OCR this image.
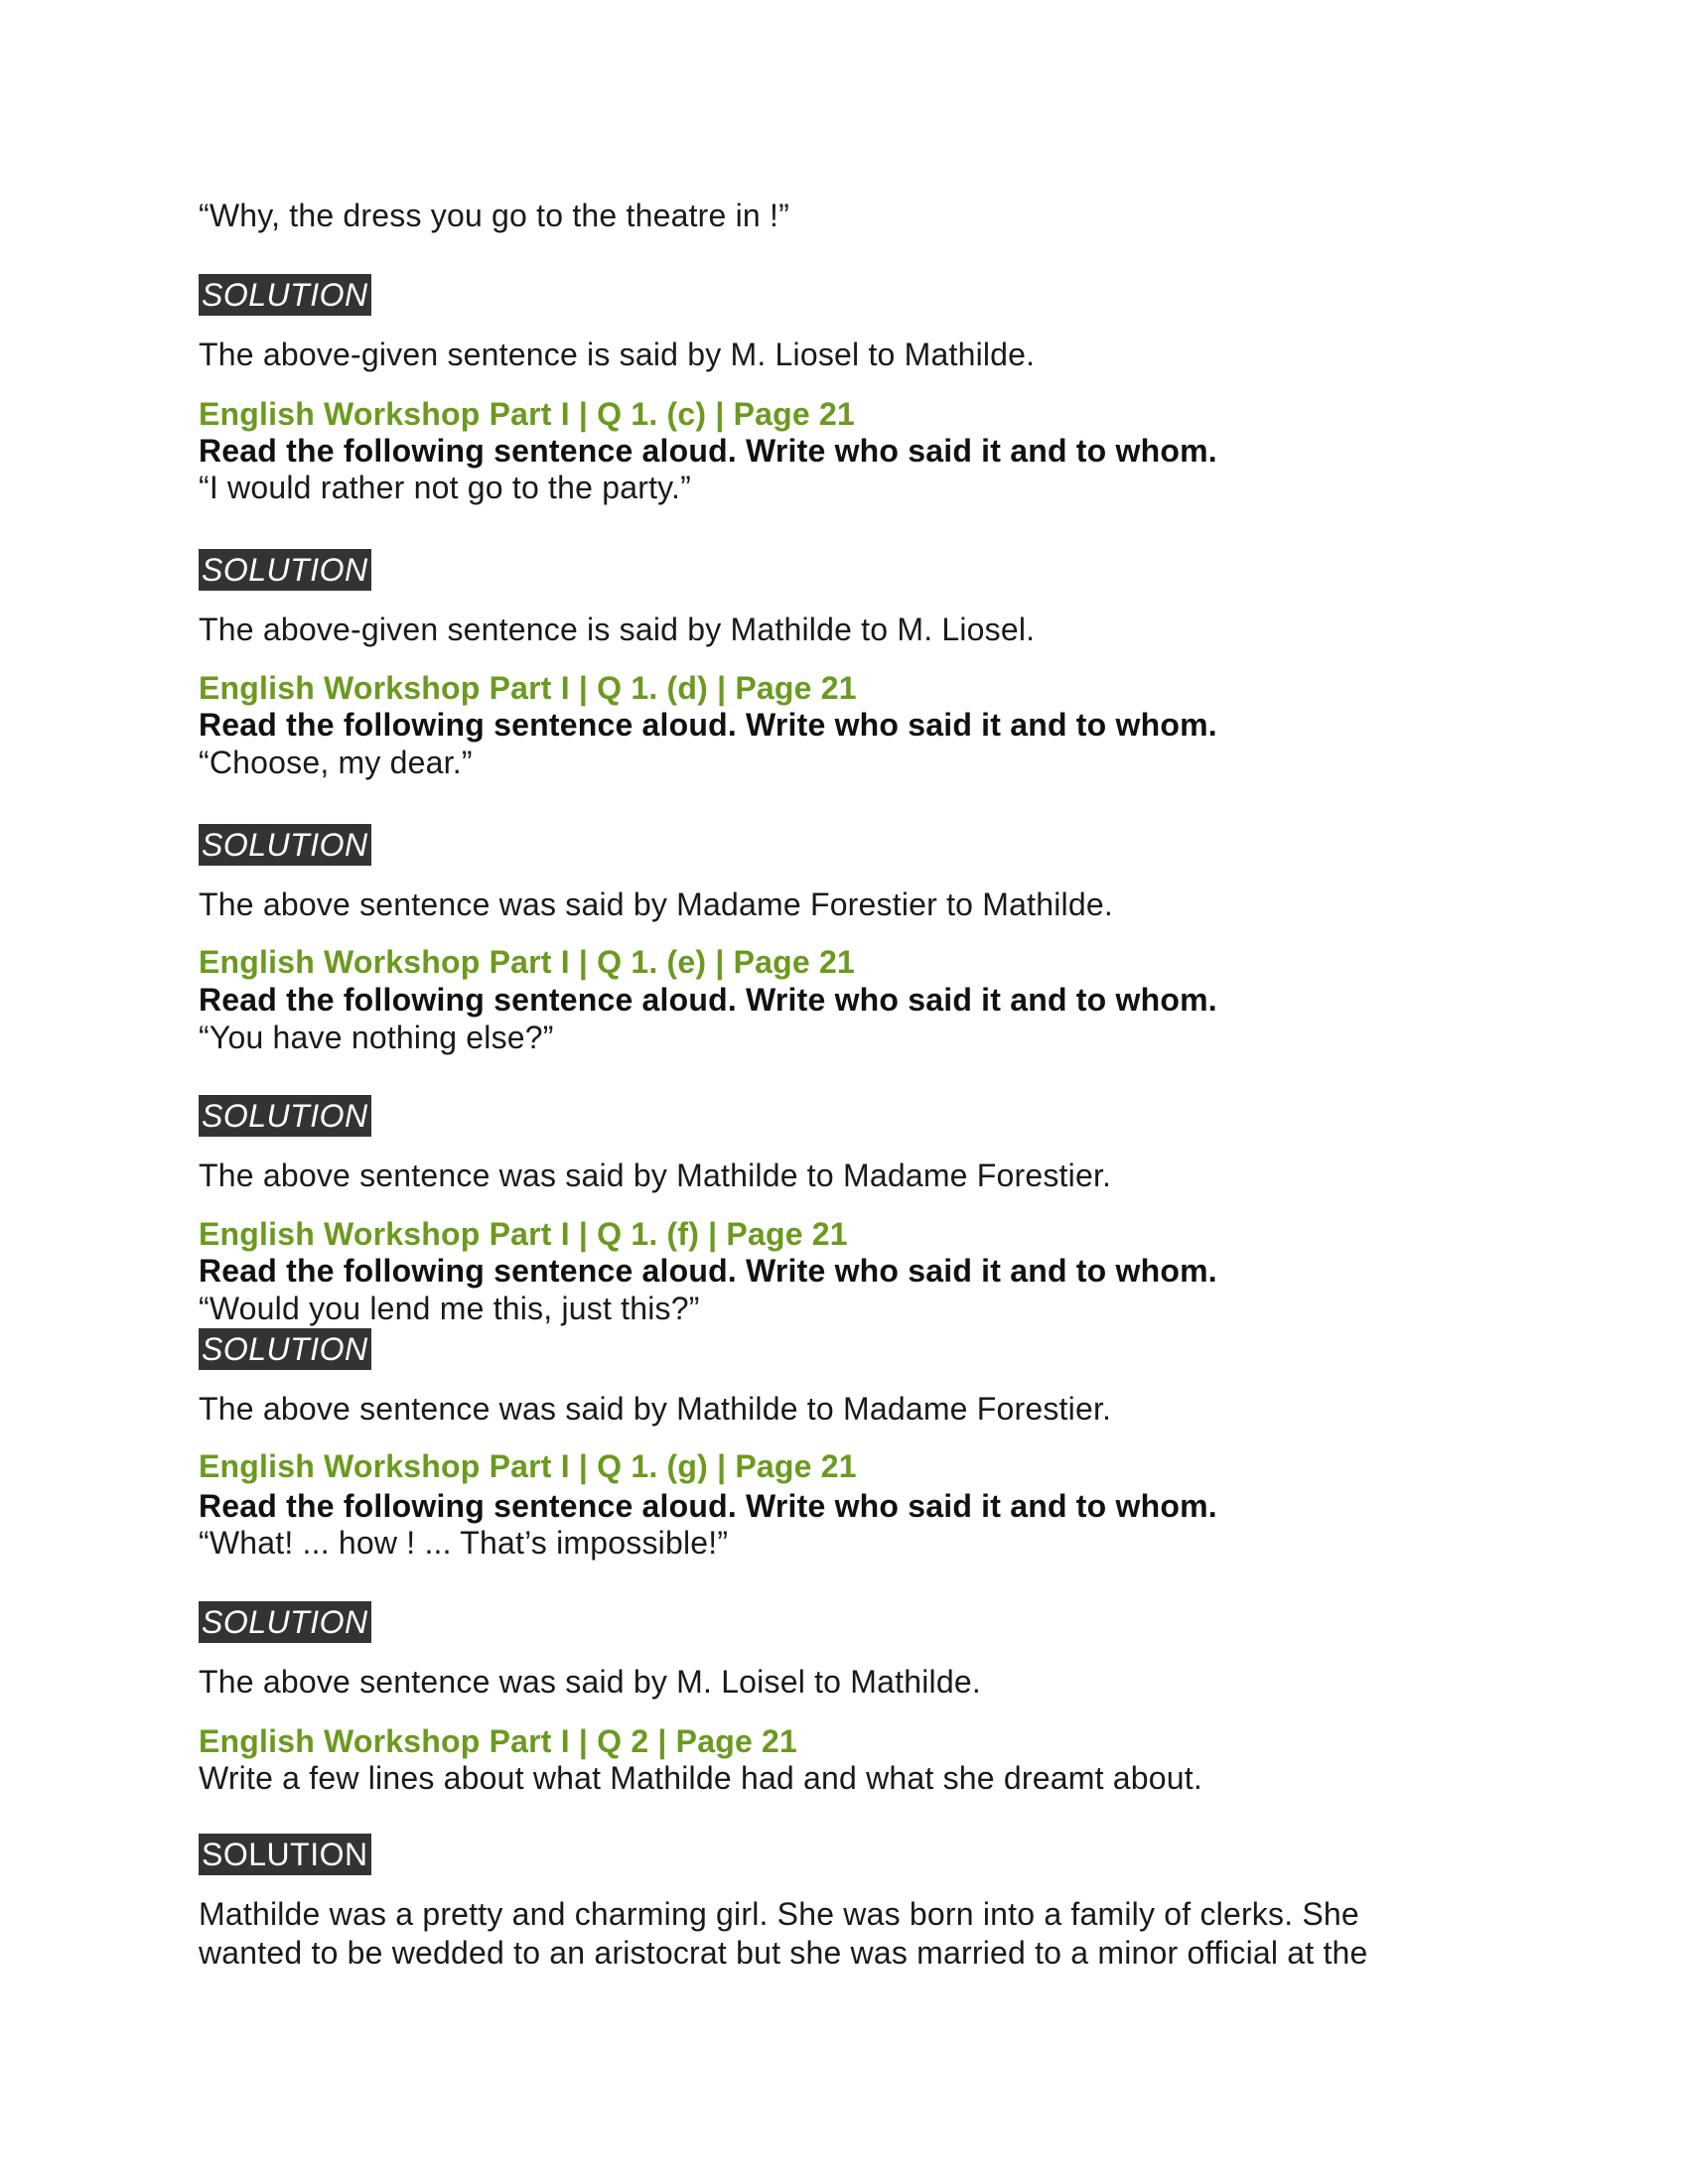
“Why, the dress you go to the theatre in !”
SOLUTION
The above-given sentence is said by M. Liosel to Mathilde.
English Workshop Part I | Q 1. (c) | Page 21
Read the following sentence aloud. Write who said it and to whom.
“I would rather not go to the party.”
SOLUTION
The above-given sentence is said by Mathilde to M. Liosel.
English Workshop Part I | Q 1. (d) | Page 21
Read the following sentence aloud. Write who said it and to whom.
“Choose, my dear.”
SOLUTION
The above sentence was said by Madame Forestier to Mathilde.
English Workshop Part I | Q 1. (e) | Page 21
Read the following sentence aloud. Write who said it and to whom.
“You have nothing else?”
SOLUTION
The above sentence was said by Mathilde to Madame Forestier.
English Workshop Part I | Q 1. (f) | Page 21
Read the following sentence aloud. Write who said it and to whom.
“Would you lend me this, just this?”
SOLUTION
The above sentence was said by Mathilde to Madame Forestier.
English Workshop Part I | Q 1. (g) | Page 21
Read the following sentence aloud. Write who said it and to whom.
“What! ... how ! ... That’s impossible!”
SOLUTION
The above sentence was said by M. Loisel to Mathilde.
English Workshop Part I | Q 2 | Page 21
Write a few lines about what Mathilde had and what she dreamt about.
SOLUTION
Mathilde was a pretty and charming girl. She was born into a family of clerks. She
wanted to be wedded to an aristocrat but she was married to a minor official at the
